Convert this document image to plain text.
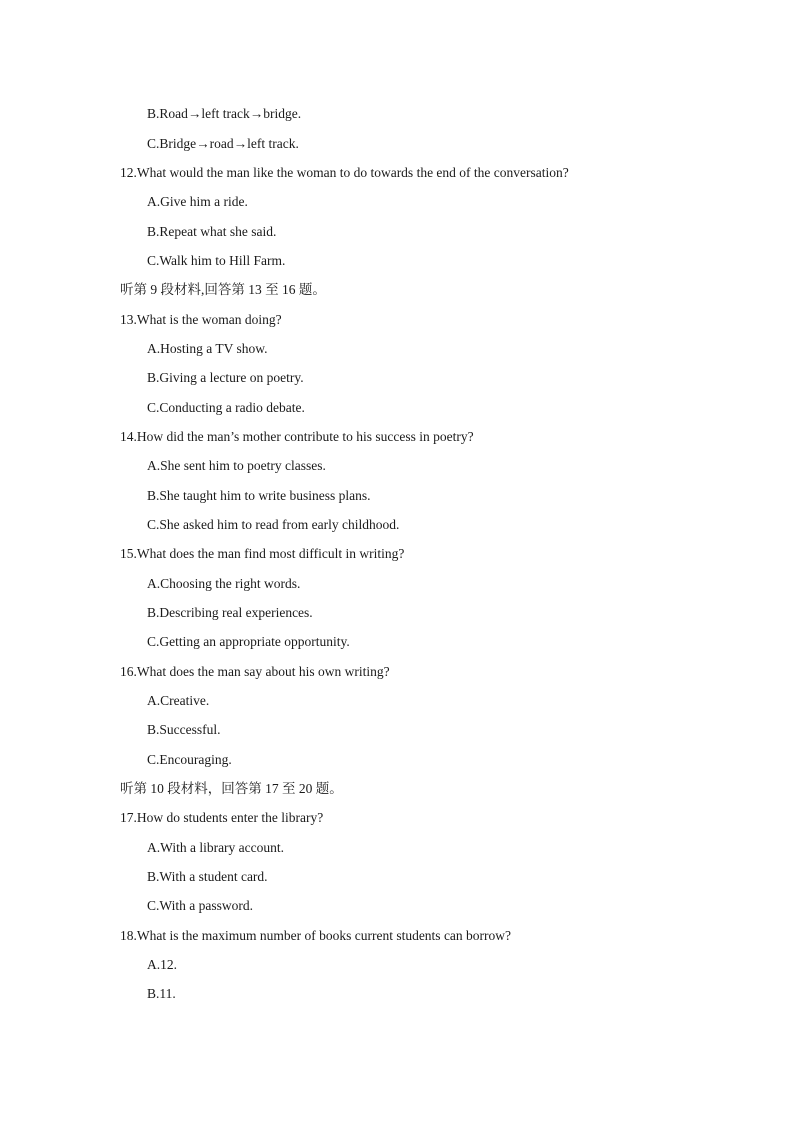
B.Road→left track→bridge.
C.Bridge→road→left track.
12.What would the man like the woman to do towards the end of the conversation?
A.Give him a ride.
B.Repeat what she said.
C.Walk him to Hill Farm.
听第 9 段材料,回答第 13 至 16 题。
13.What is the woman doing?
A.Hosting a TV show.
B.Giving a lecture on poetry.
C.Conducting a radio debate.
14.How did the man’s mother contribute to his success in poetry?
A.She sent him to poetry classes.
B.She taught him to write business plans.
C.She asked him to read from early childhood.
15.What does the man find most difficult in writing?
A.Choosing the right words.
B.Describing real experiences.
C.Getting an appropriate opportunity.
16.What does the man say about his own writing?
A.Creative.
B.Successful.
C.Encouraging.
听第 10 段材料，回答第 17 至 20 题。
17.How do students enter the library?
A.With a library account.
B.With a student card.
C.With a password.
18.What is the maximum number of books current students can borrow?
A.12.
B.11.
